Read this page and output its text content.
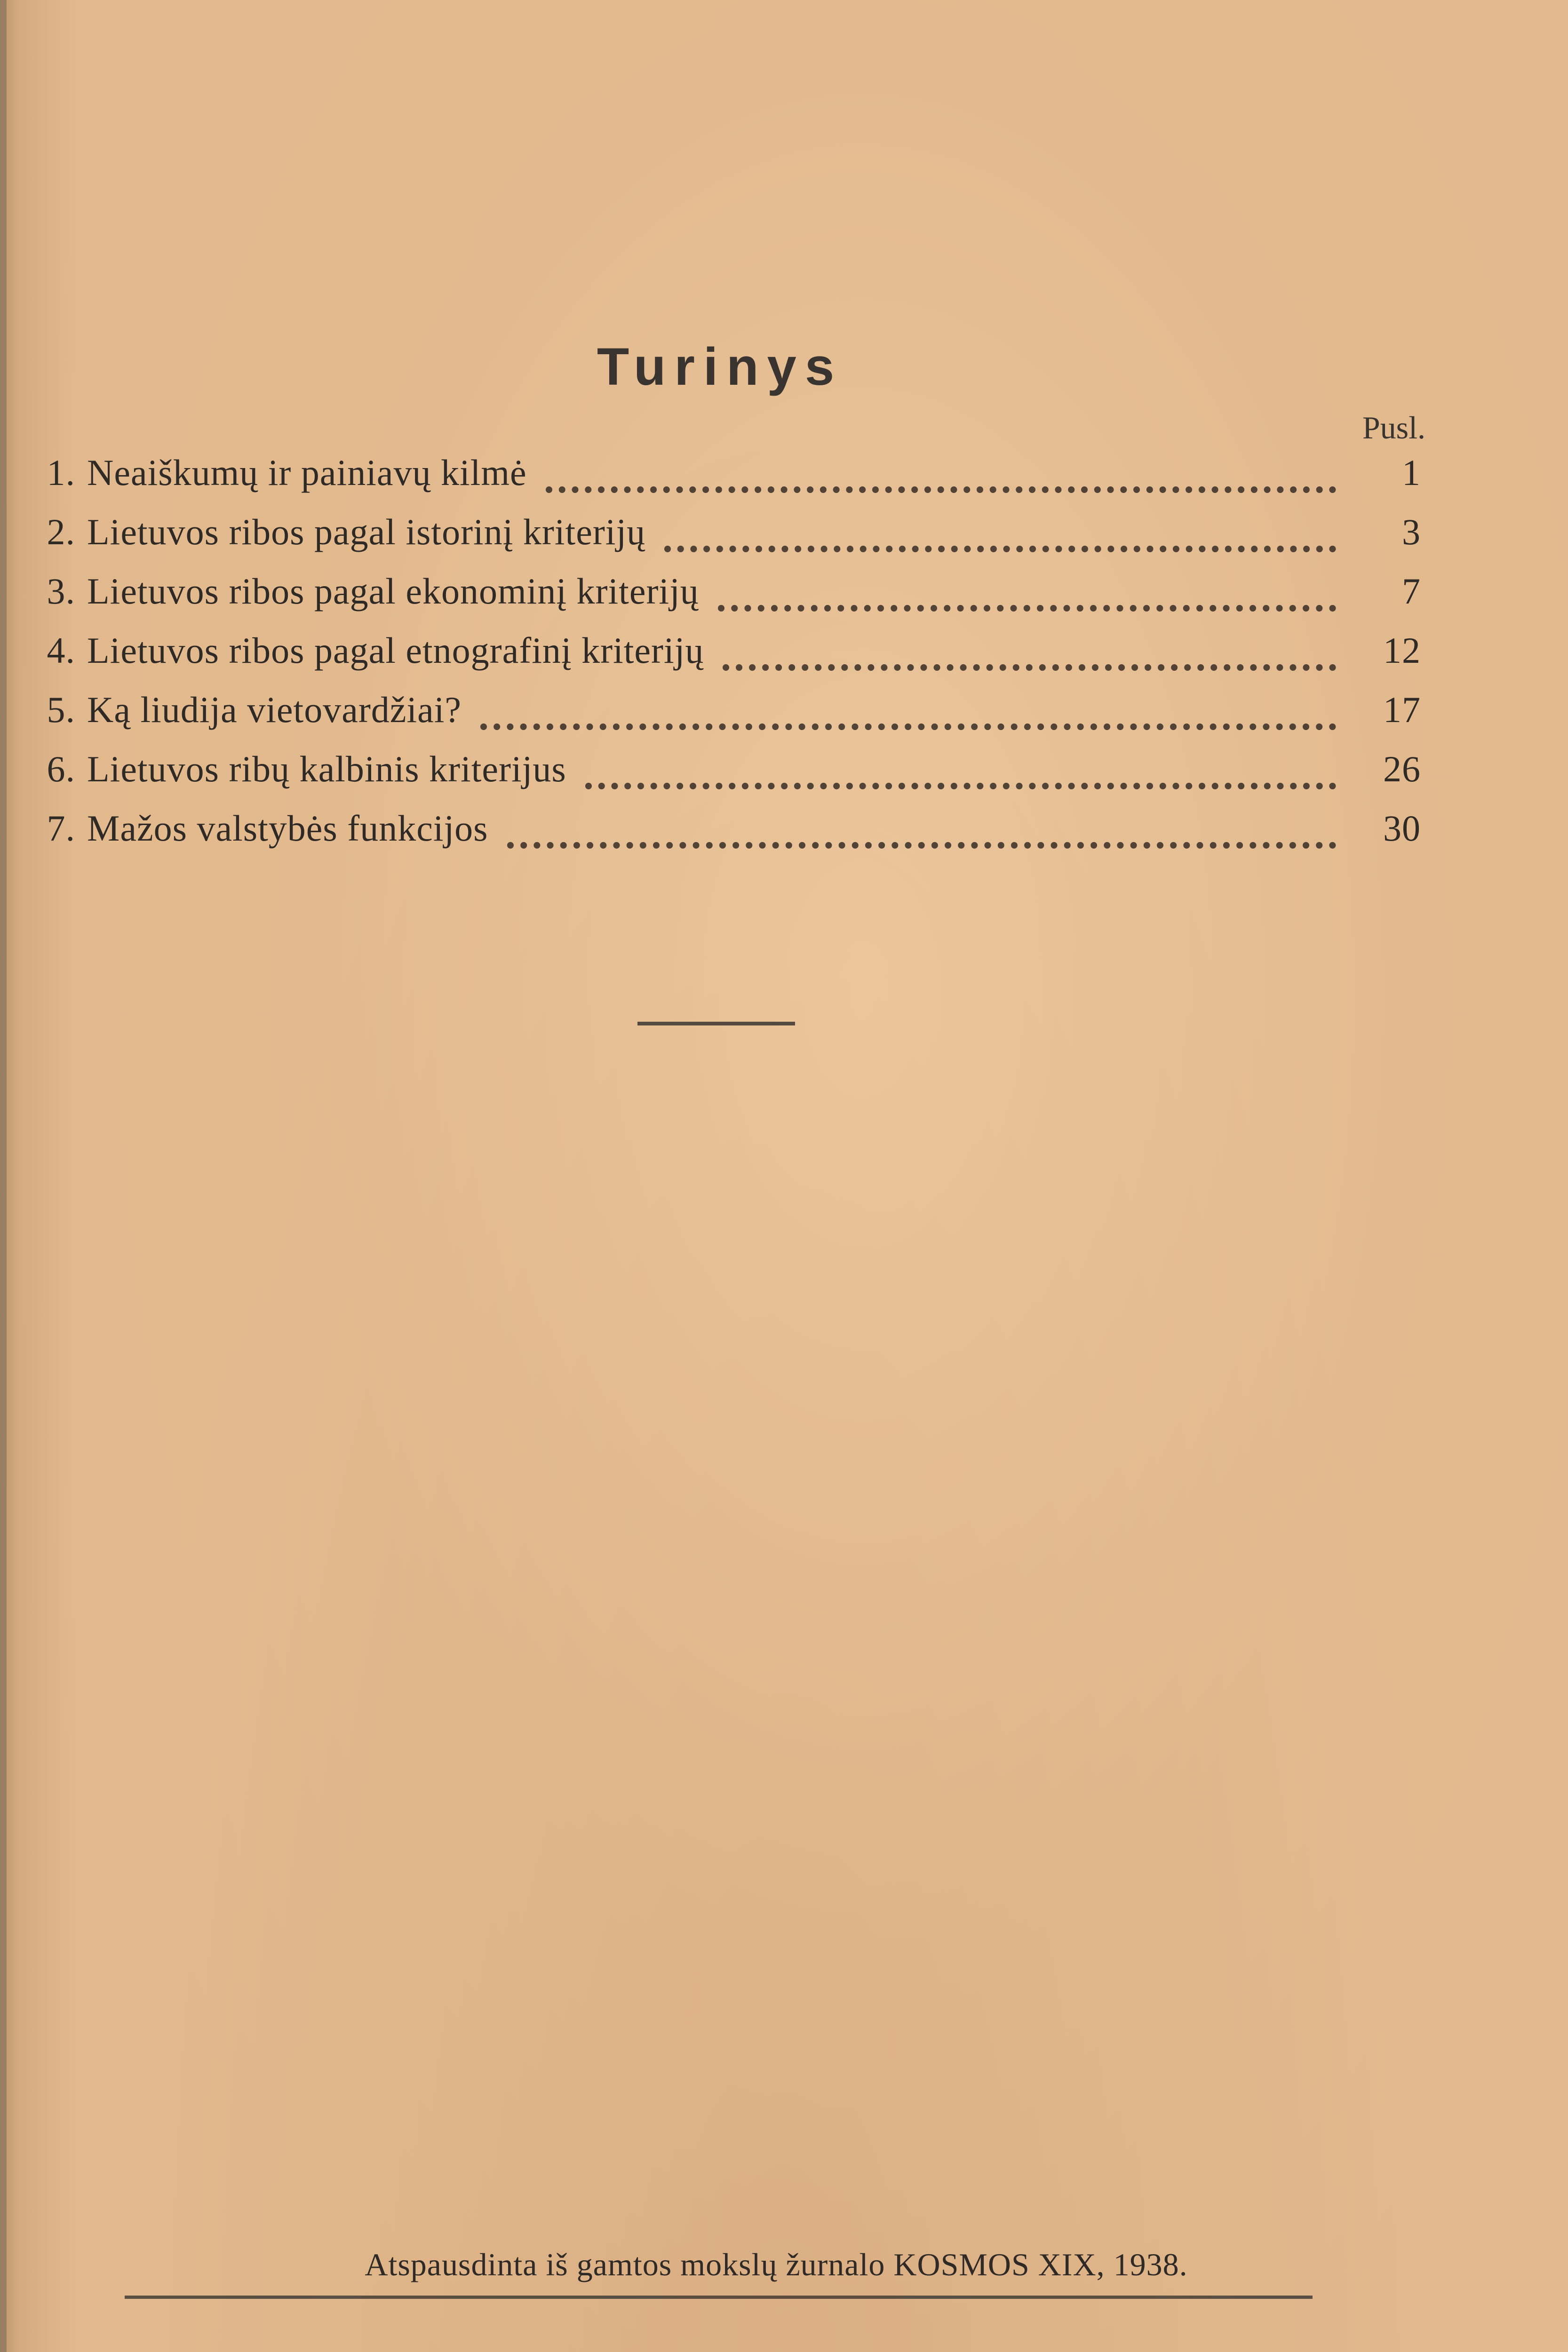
Turinys
Pusl.
1. Neaiškumų ir painiavų kilmė	1
2. Lietuvos ribos pagal istorinį kriterijų	3
3. Lietuvos ribos pagal ekonominį kriterijų	7
4. Lietuvos ribos pagal etnografinį kriterijų	12
5. Ką liudija vietovardžiai?	17
6. Lietuvos ribų kalbinis kriterijus	26
7. Mažos valstybės funkcijos	30
Atspausdinta iš gamtos mokslų žurnalo KOSMOS XIX, 1938.
